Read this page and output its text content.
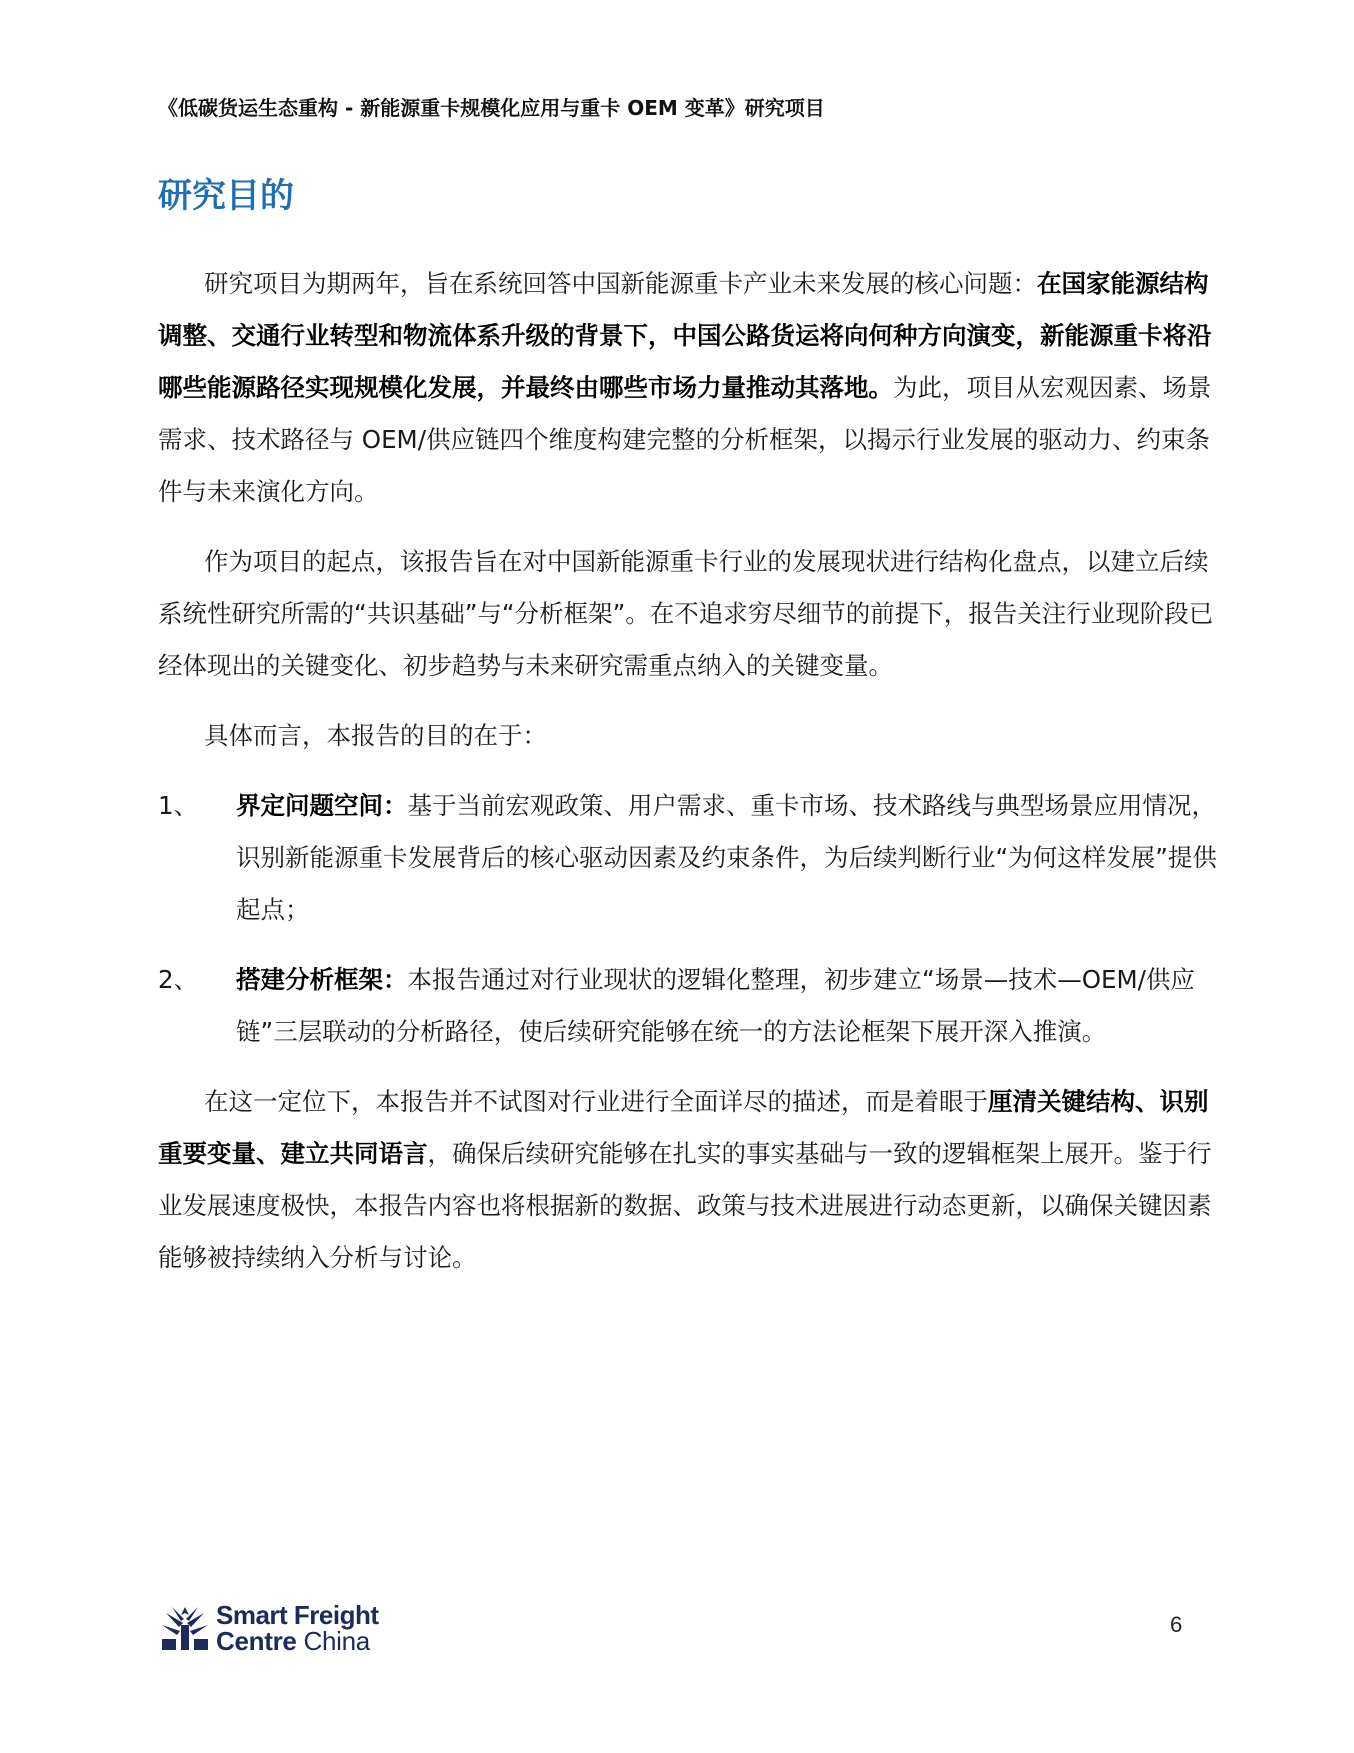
《低碳货运生态重构 - 新能源重卡规模化应用与重卡 OEM 变革》研究项目
研究目的

研究项目为期两年，旨在系统回答中国新能源重卡产业未来发展的核心问题：在国家能源结构调整、交通行业转型和物流体系升级的背景下，中国公路货运将向何种方向演变，新能源重卡将沿哪些能源路径实现规模化发展，并最终由哪些市场力量推动其落地。为此，项目从宏观因素、场景需求、技术路径与 OEM/供应链四个维度构建完整的分析框架，以揭示行业发展的驱动力、约束条件与未来演化方向。

作为项目的起点，该报告旨在对中国新能源重卡行业的发展现状进行结构化盘点，以建立后续系统性研究所需的“共识基础”与“分析框架”。在不追求穷尽细节的前提下，报告关注行业现阶段已经体现出的关键变化、初步趋势与未来研究需重点纳入的关键变量。

具体而言，本报告的目的在于：

1、	界定问题空间：基于当前宏观政策、用户需求、重卡市场、技术路线与典型场景应用情况，识别新能源重卡发展背后的核心驱动因素及约束条件，为后续判断行业“为何这样发展”提供起点；
2、	搭建分析框架：本报告通过对行业现状的逻辑化整理，初步建立“场景—技术—OEM/供应链”三层联动的分析路径，使后续研究能够在统一的方法论框架下展开深入推演。

在这一定位下，本报告并不试图对行业进行全面详尽的描述，而是着眼于厘清关键结构、识别重要变量、建立共同语言，确保后续研究能够在扎实的事实基础与一致的逻辑框架上展开。鉴于行业发展速度极快，本报告内容也将根据新的数据、政策与技术进展进行动态更新，以确保关键因素能够被持续纳入分析与讨论。

Smart Freight
Centre China
6
